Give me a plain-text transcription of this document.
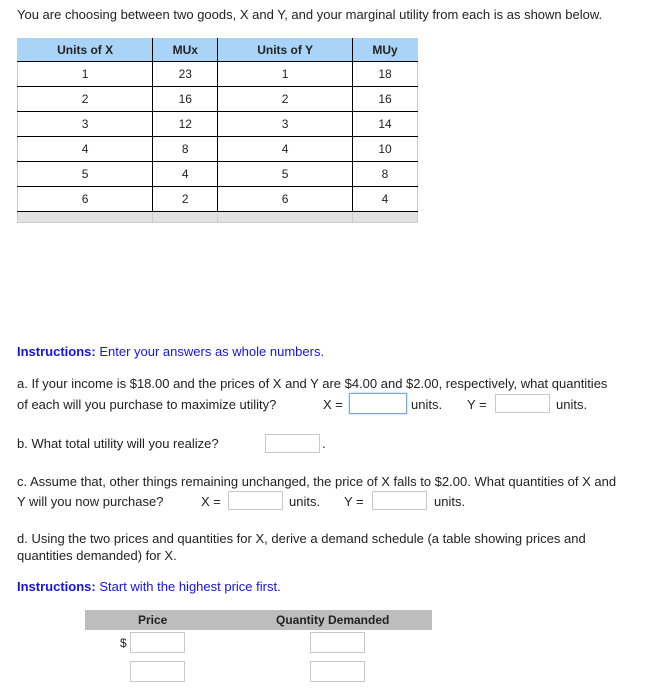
You are choosing between two goods, X and Y, and your marginal utility from each is as shown below.
Units of X	MUx	Units of Y	MUy
1	23	1	18
2	16	2	16
3	12	3	14
4	8	4	10
5	4	5	8
6	2	6	4

Instructions: Enter your answers as whole numbers.
a. If your income is $18.00 and the prices of X and Y are $4.00 and $2.00, respectively, what quantities
of each will you purchase to maximize utility?	X =	units. Y =	units.
b. What total utility will you realize?	.
c. Assume that, other things remaining unchanged, the price of X falls to $2.00. What quantities of X and
Y will you now purchase?	X =	units. Y =	units.
d. Using the two prices and quantities for X, derive a demand schedule (a table showing prices and
quantities demanded) for X.
Instructions: Start with the highest price first.
Price	Quantity Demanded
$
